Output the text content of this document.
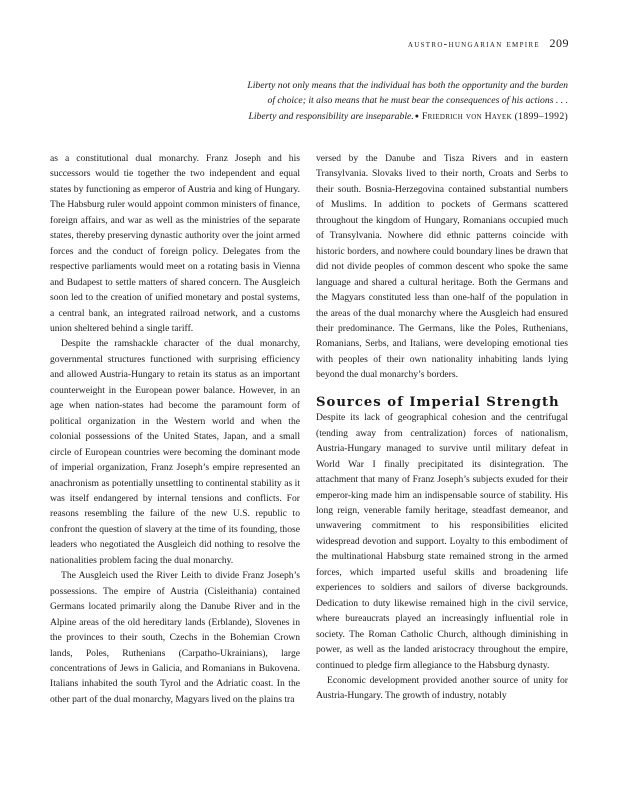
austro-hungarian empire 209
Liberty not only means that the individual has both the opportunity and the burden
of choice; it also means that he must bear the consequences of his actions . . .
Liberty and responsibility are inseparable.● Friedrich von Hayek (1899–1992)

as a constitutional dual monarchy. Franz Joseph and his successors would tie together the two independent and equal states by functioning as emperor of Austria and king of Hungary. The Habsburg ruler would appoint common ministers of finance, foreign affairs, and war as well as the ministries of the separate states, thereby preserving dynastic authority over the joint armed forces and the conduct of foreign policy. Delegates from the respective parliaments would meet on a rotating basis in Vienna and Budapest to settle matters of shared concern. The Ausgleich soon led to the creation of unified monetary and postal systems, a central bank, an integrated railroad network, and a customs union sheltered behind a single tariff.

Despite the ramshackle character of the dual monarchy, governmental structures functioned with surprising efficiency and allowed Austria-Hungary to retain its status as an important counterweight in the European power balance. However, in an age when nation-states had become the paramount form of political organization in the Western world and when the colonial possessions of the United States, Japan, and a small circle of European countries were becoming the dominant mode of imperial organization, Franz Joseph’s empire represented an anachronism as potentially unsettling to continental stability as it was itself endangered by internal tensions and conflicts. For reasons resembling the failure of the new U.S. republic to confront the question of slavery at the time of its founding, those leaders who negotiated the Ausgleich did nothing to resolve the nationalities problem facing the dual monarchy.

The Ausgleich used the River Leith to divide Franz Joseph’s possessions. The empire of Austria (Cisleithania) contained Germans located primarily along the Danube River and in the Alpine areas of the old hereditary lands (Erblande), Slovenes in the provinces to their south, Czechs in the Bohemian Crown lands, Poles, Ruthenians (Carpatho-Ukrainians), large concentrations of Jews in Galicia, and Romanians in Bukovena. Italians inhabited the south Tyrol and the Adriatic coast. In the other part of the dual monarchy, Magyars lived on the plains tra

versed by the Danube and Tisza Rivers and in eastern Transylvania. Slovaks lived to their north, Croats and Serbs to their south. Bosnia-Herzegovina contained substantial numbers of Muslims. In addition to pockets of Germans scattered throughout the kingdom of Hungary, Romanians occupied much of Transylvania. Nowhere did ethnic patterns coincide with historic borders, and nowhere could boundary lines be drawn that did not divide peoples of common descent who spoke the same language and shared a cultural heritage. Both the Germans and the Magyars constituted less than one-half of the population in the areas of the dual monarchy where the Ausgleich had ensured their predominance. The Germans, like the Poles, Ruthenians, Romanians, Serbs, and Italians, were developing emotional ties with peoples of their own nationality inhabiting lands lying beyond the dual monarchy’s borders.

Sources of Imperial Strength

Despite its lack of geographical cohesion and the centrifugal (tending away from centralization) forces of nationalism, Austria-Hungary managed to survive until military defeat in World War I finally precipitated its disintegration. The attachment that many of Franz Joseph’s subjects exuded for their emperor-king made him an indispensable source of stability. His long reign, venerable family heritage, steadfast demeanor, and unwavering commitment to his responsibilities elicited widespread devotion and support. Loyalty to this embodiment of the multinational Habsburg state remained strong in the armed forces, which imparted useful skills and broadening life experiences to soldiers and sailors of diverse backgrounds. Dedication to duty likewise remained high in the civil service, where bureaucrats played an increasingly influential role in society. The Roman Catholic Church, although diminishing in power, as well as the landed aristocracy throughout the empire, continued to pledge firm allegiance to the Habsburg dynasty.

Economic development provided another source of unity for Austria-Hungary. The growth of industry, notably
